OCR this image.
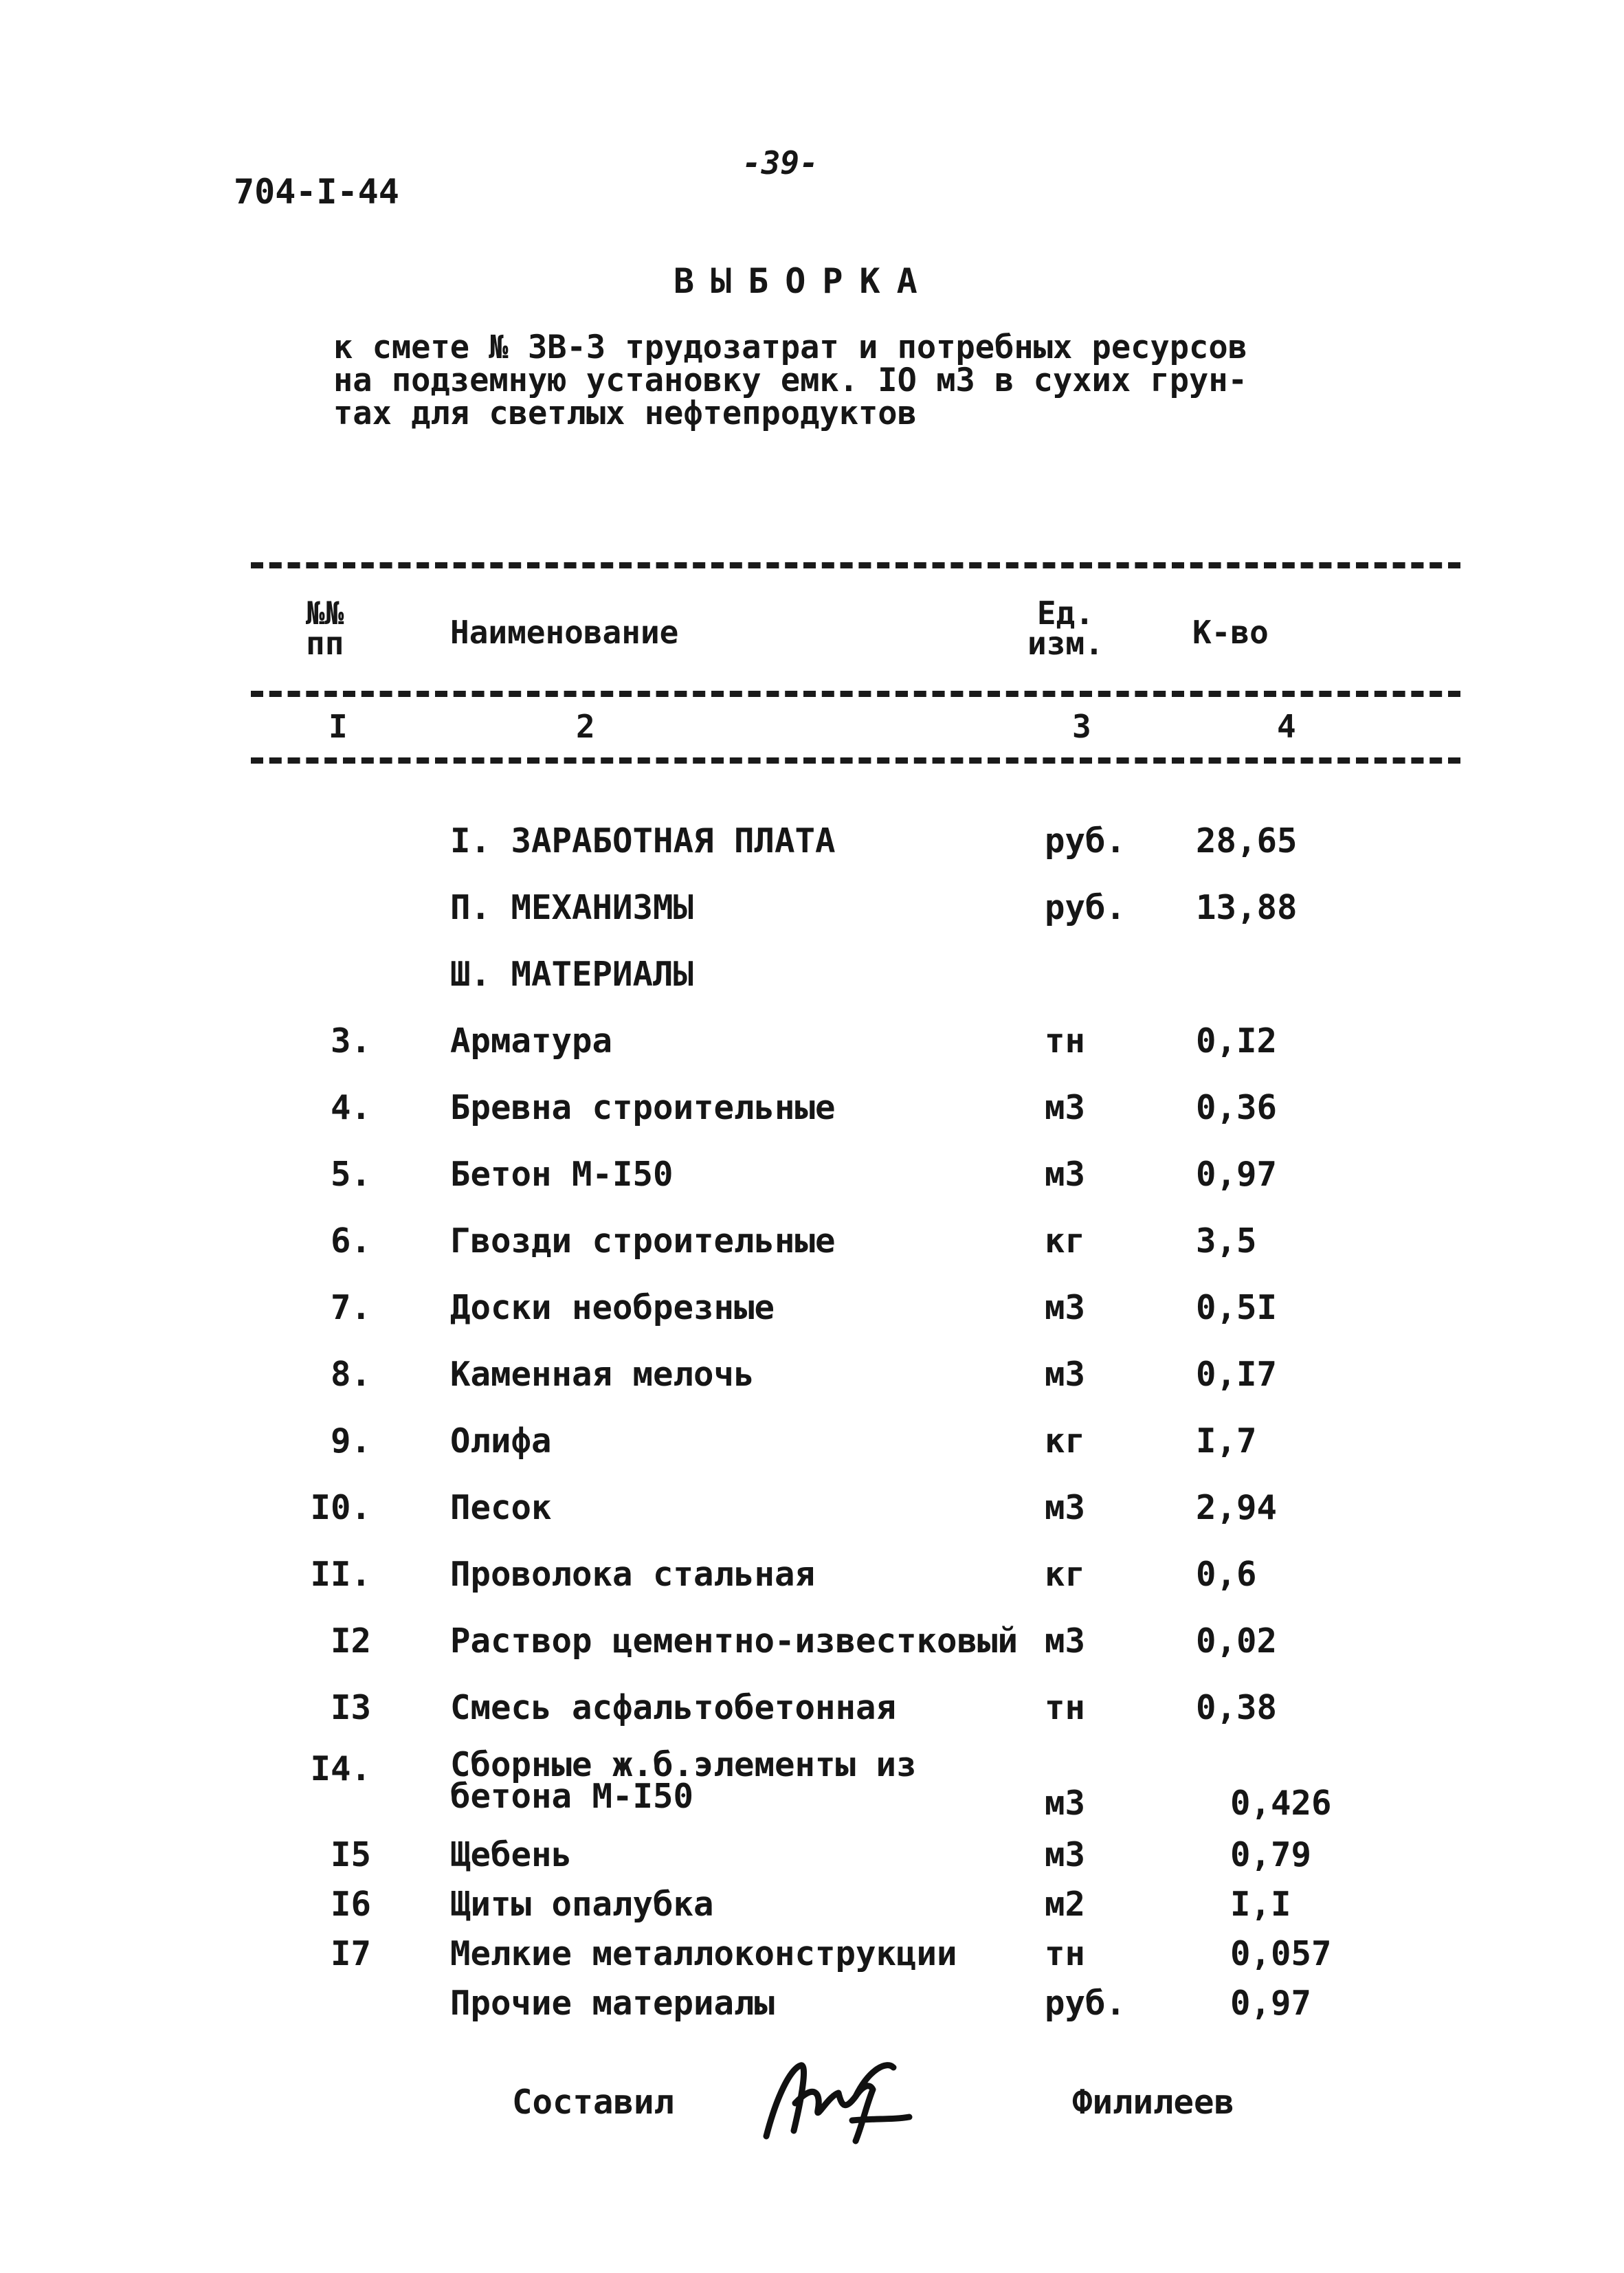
-39-
704-I-44
ВЫБОРКА
к смете № 3В-3 трудозатрат и потребных ресурсов
на подземную установку емк. IO м3 в сухих грун-
тах для светлых нефтепродуктов
№№
пп	Наименование
Ед.
изм.	К-во
I	2	3	4
I. ЗАРАБОТНАЯ ПЛАТА	руб. 28,65
П. МЕХАНИЗМЫ	руб. 13,88
Ш. МАТЕРИАЛЫ
3. Арматура	тн	0,I2
4. Бревна строительные	м3	0,36
5. Бетон М-I50	м3	0,97
6. Гвозди строительные	кг	3,5
7. Доски необрезные	м3	0,5I
8. Каменная мелочь	м3	0,I7
9. Олифа	кг	I,7
I0. Песок	м3	2,94
II. Проволока стальная	кг	0,6
I2 Раствор цементно-известковый м3	0,02
I3 Смесь асфальтобетонная	тн	0,38
I4. Сборные ж.б.элементы из
бетона М-I50	м3	0,426
I5 Щебень	м3	0,79
I6 Щиты опалубка	м2	I,I
I7 Мелкие металлоконструкции	тн	0,057
Прочие материалы	руб.	0,97
Составил	Филилеев
